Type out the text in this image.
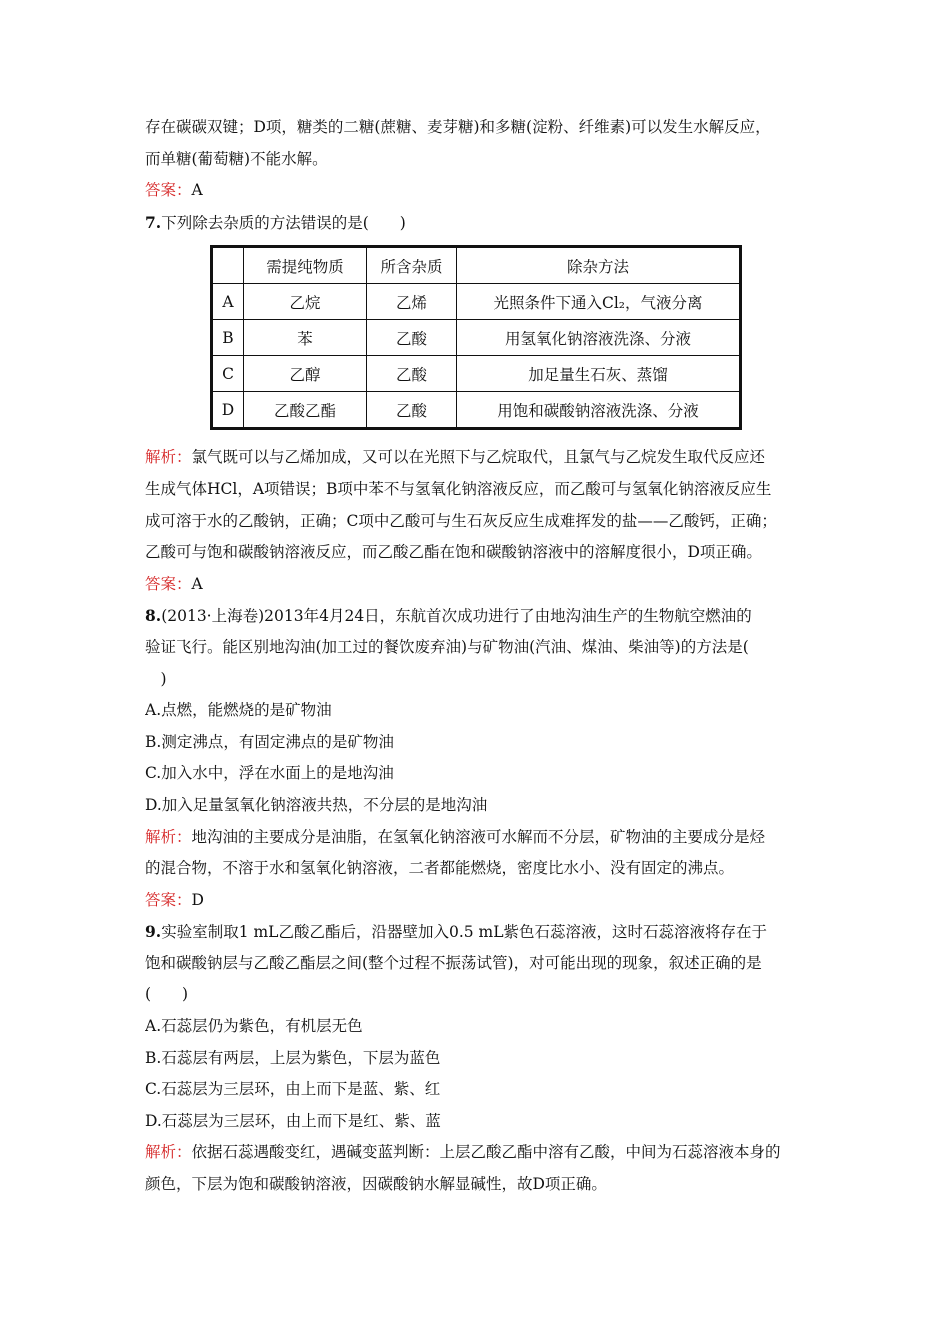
存在碳碳双键；D项，糖类的二糖(蔗糖、麦芽糖)和多糖(淀粉、纤维素)可以发生水解反应，
而单糖(葡萄糖)不能水解。
答案：A
7.下列除去杂质的方法错误的是(　　)
	需提纯物质	所含杂质	除杂方法
A	乙烷	乙烯	光照条件下通入Cl₂，气液分离
B	苯	乙酸	用氢氧化钠溶液洗涤、分液
C	乙醇	乙酸	加足量生石灰、蒸馏
D	乙酸乙酯	乙酸	用饱和碳酸钠溶液洗涤、分液
解析：氯气既可以与乙烯加成，又可以在光照下与乙烷取代，且氯气与乙烷发生取代反应还
生成气体HCl，A项错误；B项中苯不与氢氧化钠溶液反应，而乙酸可与氢氧化钠溶液反应生
成可溶于水的乙酸钠，正确；C项中乙酸可与生石灰反应生成难挥发的盐——乙酸钙，正确；
乙酸可与饱和碳酸钠溶液反应，而乙酸乙酯在饱和碳酸钠溶液中的溶解度很小，D项正确。
答案：A
8.(2013·上海卷)2013年4月24日，东航首次成功进行了由地沟油生产的生物航空燃油的
验证飞行。能区别地沟油(加工过的餐饮废弃油)与矿物油(汽油、煤油、柴油等)的方法是(
　)
A.点燃，能燃烧的是矿物油
B.测定沸点，有固定沸点的是矿物油
C.加入水中，浮在水面上的是地沟油
D.加入足量氢氧化钠溶液共热，不分层的是地沟油
解析：地沟油的主要成分是油脂，在氢氧化钠溶液可水解而不分层，矿物油的主要成分是烃
的混合物，不溶于水和氢氧化钠溶液，二者都能燃烧，密度比水小、没有固定的沸点。
答案：D
9.实验室制取1 mL乙酸乙酯后，沿器壁加入0.5 mL紫色石蕊溶液，这时石蕊溶液将存在于
饱和碳酸钠层与乙酸乙酯层之间(整个过程不振荡试管)，对可能出现的现象，叙述正确的是
(　　)
A.石蕊层仍为紫色，有机层无色
B.石蕊层有两层，上层为紫色，下层为蓝色
C.石蕊层为三层环，由上而下是蓝、紫、红
D.石蕊层为三层环，由上而下是红、紫、蓝
解析：依据石蕊遇酸变红，遇碱变蓝判断：上层乙酸乙酯中溶有乙酸，中间为石蕊溶液本身的
颜色，下层为饱和碳酸钠溶液，因碳酸钠水解显碱性，故D项正确。
